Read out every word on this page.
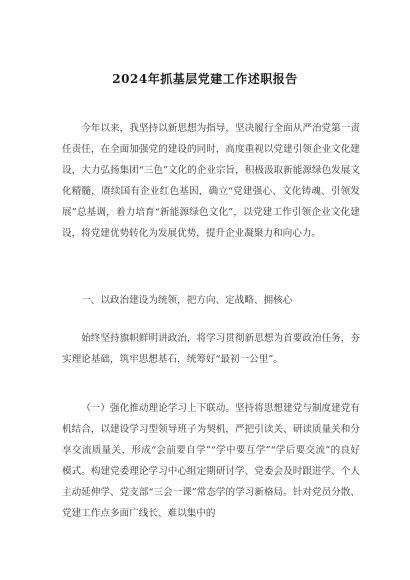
2024年抓基层党建工作述职报告

今年以来，我坚持以新思想为指导，坚决履行全面从严治党第一责任责任，在全面加强党的建设的同时，高度重视以党建引领企业文化建设，大力弘扬集团“三色”文化的企业宗旨，积极汲取新能源绿色发展文化精髓，赓续国有企业红色基因，确立“党建强心、文化铸魂、引领发展”总基调，着力培育“新能源绿色文化”，以党建工作引领企业文化建设，将党建优势转化为发展优势，提升企业凝聚力和向心力。

一、以政治建设为统领，把方向、定战略、拥核心

始终坚持旗帜鲜明讲政治，将学习贯彻新思想为首要政治任务，夯实理论基础，筑牢思想基石，统筹好“最初一公里”。

（一）强化推动理论学习上下联动。坚持将思想建党与制度建党有机结合，以建设学习型领导班子为契机，严把引读关、研读质量关和分享交流质量关，形成“会前要自学”“学中要互学”“学后要交流”的良好模式。构建党委理论学习中心组定期研讨学、党委会及时跟进学、个人主动延伸学、党支部“三会一课”常态学的学习新格局。针对党员分散、党建工作点多面广线长、难以集中的
